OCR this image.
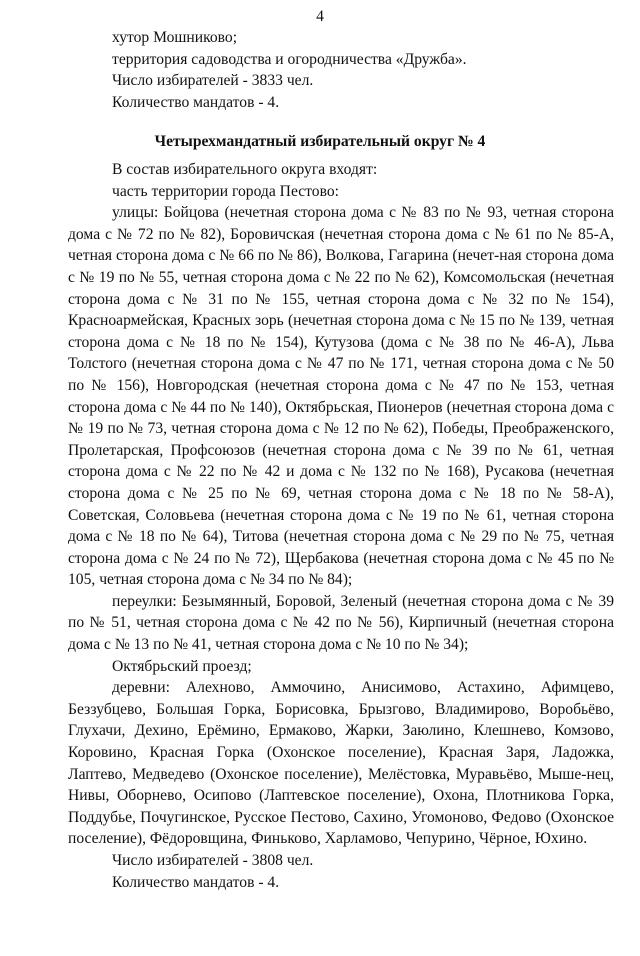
4

хутор Мошниково;

территория садоводства и огородничества «Дружба».

Число избирателей - 3833 чел.

Количество мандатов - 4.

Четырехмандатный избирательный округ № 4

В состав избирательного округа входят:

часть территории города Пестово:

улицы: Бойцова (нечетная сторона дома с № 83 по № 93, четная сторона дома с № 72 по № 82), Боровичская (нечетная сторона дома с № 61 по № 85-А, четная сторона дома с № 66 по № 86), Волкова, Гагарина (нечет-ная сторона дома с № 19 по № 55, четная сторона дома с № 22 по № 62), Комсомольская (нечетная сторона дома с № 31 по № 155, четная сторона дома с № 32 по № 154), Красноармейская, Красных зорь (нечетная сторона дома с № 15 по № 139, четная сторона дома с № 18 по № 154), Кутузова (дома с № 38 по № 46-А), Льва Толстого (нечетная сторона дома с № 47 по № 171, четная сторона дома с № 50 по № 156), Новгородская (нечетная сторона дома с № 47 по № 153, четная сторона дома с № 44 по № 140), Октябрьская, Пионеров (нечетная сторона дома с № 19 по № 73, четная сторона дома с № 12 по № 62), Победы, Преображенского, Пролетарская, Профсоюзов (нечетная сторона дома с № 39 по № 61, четная сторона дома с № 22 по № 42 и дома с № 132 по № 168), Русакова (нечетная сторона дома с № 25 по № 69, четная сторона дома с № 18 по № 58-А), Советская, Соловьева (нечетная сторона дома с № 19 по № 61, четная сторона дома с № 18 по № 64), Титова (нечетная сторона дома с № 29 по № 75, четная сторона дома с № 24 по № 72), Щербакова (нечетная сторона дома с № 45 по № 105, четная сторона дома с № 34 по № 84);

переулки: Безымянный, Боровой, Зеленый (нечетная сторона дома с № 39 по № 51, четная сторона дома с № 42 по № 56), Кирпичный (нечетная сторона дома с № 13 по № 41, четная сторона дома с № 10 по № 34);

Октябрьский проезд;

деревни: Алехново, Аммочино, Анисимово, Астахино, Афимцево, Беззубцево, Большая Горка, Борисовка, Брызгово, Владимирово, Воробьёво, Глухачи, Дехино, Ерёмино, Ермаково, Жарки, Заюлино, Клешнево, Комзово, Коровино, Красная Горка (Охонское поселение), Красная Заря, Ладожка, Лаптево, Медведево (Охонское поселение), Мелёстовка, Муравьёво, Мыше-нец, Нивы, Оборнево, Осипово (Лаптевское поселение), Охона, Плотникова Горка, Поддубье, Почугинское, Русское Пестово, Сахино, Угомоново, Федово (Охонское поселение), Фёдоровщина, Финьково, Харламово, Чепурино, Чёрное, Юхино.

Число избирателей - 3808 чел.

Количество мандатов - 4.
